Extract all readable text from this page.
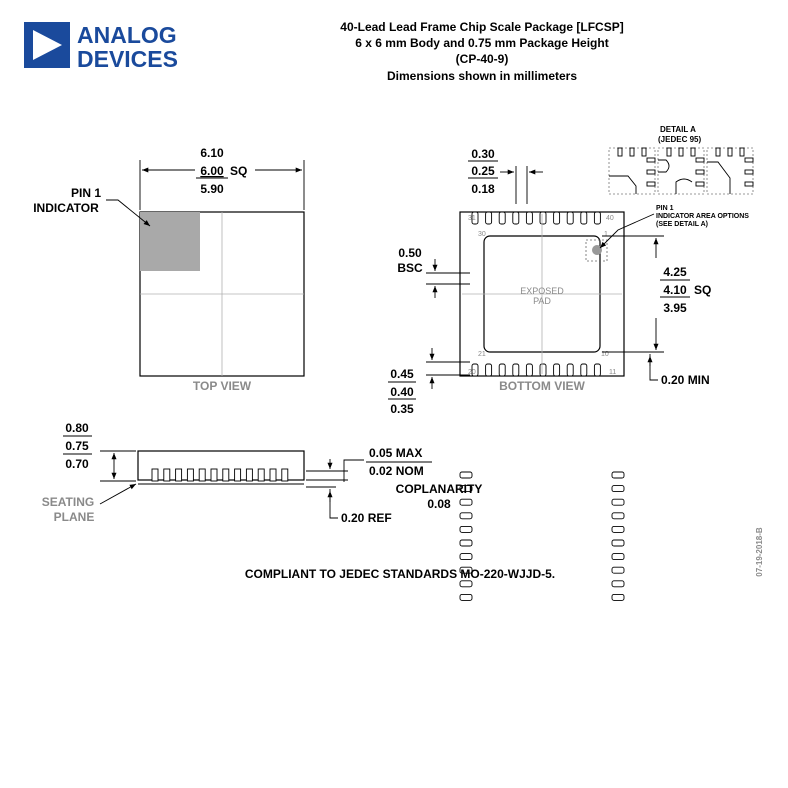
ANALOG
DEVICES
40-Lead Lead Frame Chip Scale Package [LFCSP]
6 x 6 mm Body and 0.75 mm Package Height
(CP-40-9)
Dimensions shown in millimeters
PIN 1
INDICATOR
6.10
6.00 SQ
5.90
TOP VIEW
EXPOSED
PAD
31
30
40
1
21
20
10
11
BOTTOM VIEW
0.30
0.25
0.18
0.50
BSC	4.25
4.10 SQ
3.95
0.45
0.40
0.35
0.20 MIN
DETAIL A
(JEDEC 95)
PIN 1
INDICATOR AREA OPTIONS
(SEE DETAIL A)
0.80
0.75
0.70
SEATING
PLANE
0.05 MAX
0.02 NOM
COPLANARITY
0.08
0.20 REF
COMPLIANT TO JEDEC STANDARDS MO-220-WJJD-5.	07-19-2018-B
